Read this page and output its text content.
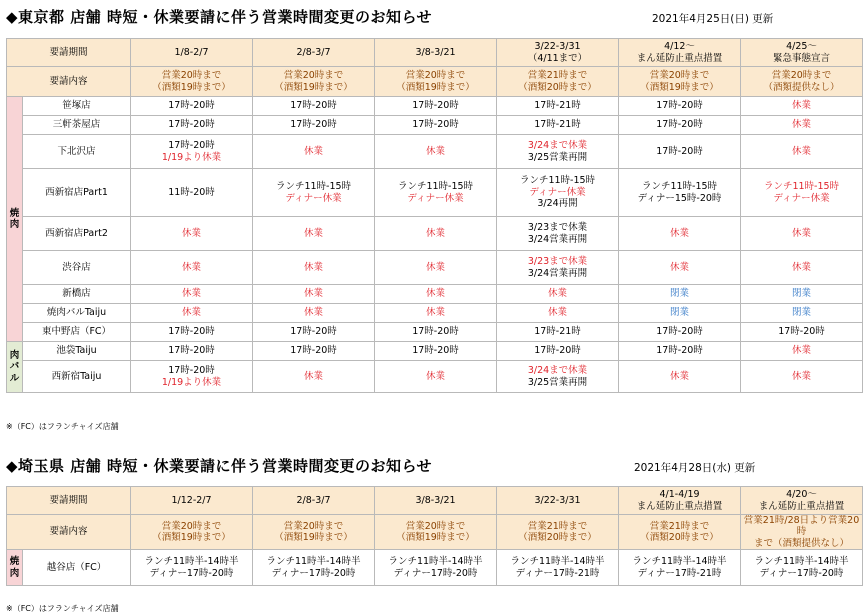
◆東京都 店舗 時短・休業要請に伴う営業時間変更のお知らせ	2021年4月25日(日) 更新
要請期間		1/8-2/7	2/8-3/7	3/8-3/21	3/22-3/31
（4/11まで）	4/12～
まん延防止重点措置	4/25～
緊急事態宣言

要請内容		営業20時まで
（酒類19時まで）	営業20時まで
（酒類19時まで）	営業20時まで
（酒類19時まで）	営業21時まで
（酒類20時まで）	営業20時まで
（酒類19時まで）	営業20時まで
（酒類提供なし）

焼
肉	笹塚店	17時-20時	17時-20時	17時-20時	17時-21時	17時-20時	休業

	三軒茶屋店	17時-20時	17時-20時	17時-20時	17時-21時	17時-20時	休業

	下北沢店	17時-20時
1/19より休業	休業	休業	3/24まで休業
3/25営業再開	17時-20時	休業

	西新宿店Part1	11時-20時	ランチ11時-15時
ディナー休業	ランチ11時-15時
ディナー休業	ランチ11時-15時
ディナー休業
3/24再開	ランチ11時-15時
ディナー15時-20時	ランチ11時-15時
ディナー休業

	西新宿店Part2	休業	休業	休業	3/23まで休業
3/24営業再開	休業	休業

	渋谷店	休業	休業	休業	3/23まで休業
3/24営業再開	休業	休業

	新橋店	休業	休業	休業	休業	閉業	閉業

	焼肉バルTaiju	休業	休業	休業	休業	閉業	閉業

	東中野店（FC）	17時-20時	17時-20時	17時-20時	17時-21時	17時-20時	17時-20時

肉
バ
ル	池袋Taiju	17時-20時	17時-20時	17時-20時	17時-20時	17時-20時	休業

	西新宿Taiju	17時-20時
1/19より休業	休業	休業	3/24まで休業
3/25営業再開	休業	休業
※（FC）はフランチャイズ店舗
◆埼玉県 店舗 時短・休業要請に伴う営業時間変更のお知らせ	2021年4月28日(水) 更新
要請期間		1/12-2/7	2/8-3/7	3/8-3/21	3/22-3/31	4/1-4/19
まん延防止重点措置	4/20～
まん延防止重点措置

要請内容		営業20時まで
（酒類19時まで）	営業20時まで
（酒類19時まで）	営業20時まで
（酒類19時まで）	営業21時まで
（酒類20時まで）	営業21時まで
（酒類20時まで）	営業21時/28日より営業20時
まで（酒類提供なし）

焼
肉	越谷店（FC）	ランチ11時半-14時半
ディナー17時-20時	ランチ11時半-14時半
ディナー17時-20時	ランチ11時半-14時半
ディナー17時-20時	ランチ11時半-14時半
ディナー17時-21時	ランチ11時半-14時半
ディナー17時-21時	ランチ11時半-14時半
ディナー17時-20時
※（FC）はフランチャイズ店舗
